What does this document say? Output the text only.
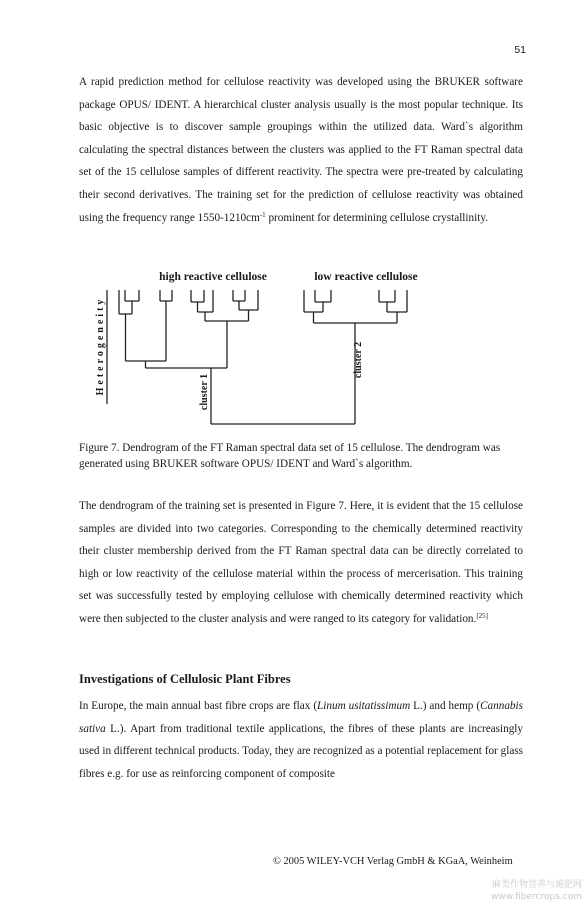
51

A rapid prediction method for cellulose reactivity was developed using the BRUKER software package OPUS/ IDENT. A hierarchical cluster analysis usually is the most popular technique. Its basic objective is to discover sample groupings within the utilized data. Ward`s algorithm calculating the spectral distances between the clusters was applied to the FT Raman spectral data set of the 15 cellulose samples of different reactivity. The spectra were pre-treated by calculating their second derivatives. The training set for the prediction of cellulose reactivity was obtained using the frequency range $1550-1210cm^{-1}$ prominent for determining cellulose crystallinity.

high reactive cellulose	low reactive cellulose
Heterogeneity	cluster 1
cluster 2

Figure 7. Dendrogram of the FT Raman spectral data set of 15 cellulose. The dendrogram was generated using BRUKER software OPUS/ IDENT and Ward`s algorithm.

The dendrogram of the training set is presented in Figure 7. Here, it is evident that the 15 cellulose samples are divided into two categories. Corresponding to the chemically determined reactivity their cluster membership derived from the FT Raman spectral data can be directly correlated to high or low reactivity of the cellulose material within the process of mercerisation. This training set was successfully tested by employing cellulose with chemically determined reactivity which were then subjected to the cluster analysis and were ranged to its category for validation.[25]

Investigations of Cellulosic Plant Fibres

In Europe, the main annual bast fibre crops are flax (Linum usitatissimum L.) and hemp (Cannabis sativa L.). Apart from traditional textile applications, the fibres of these plants are increasingly used in different technical products. Today, they are recognized as a potential replacement for glass fibres e.g. for use as reinforcing component of composite

© 2005 WILEY-VCH Verlag GmbH & KGaA, Weinheim
麻类作物营养与施肥网
www.fibercrops.com
